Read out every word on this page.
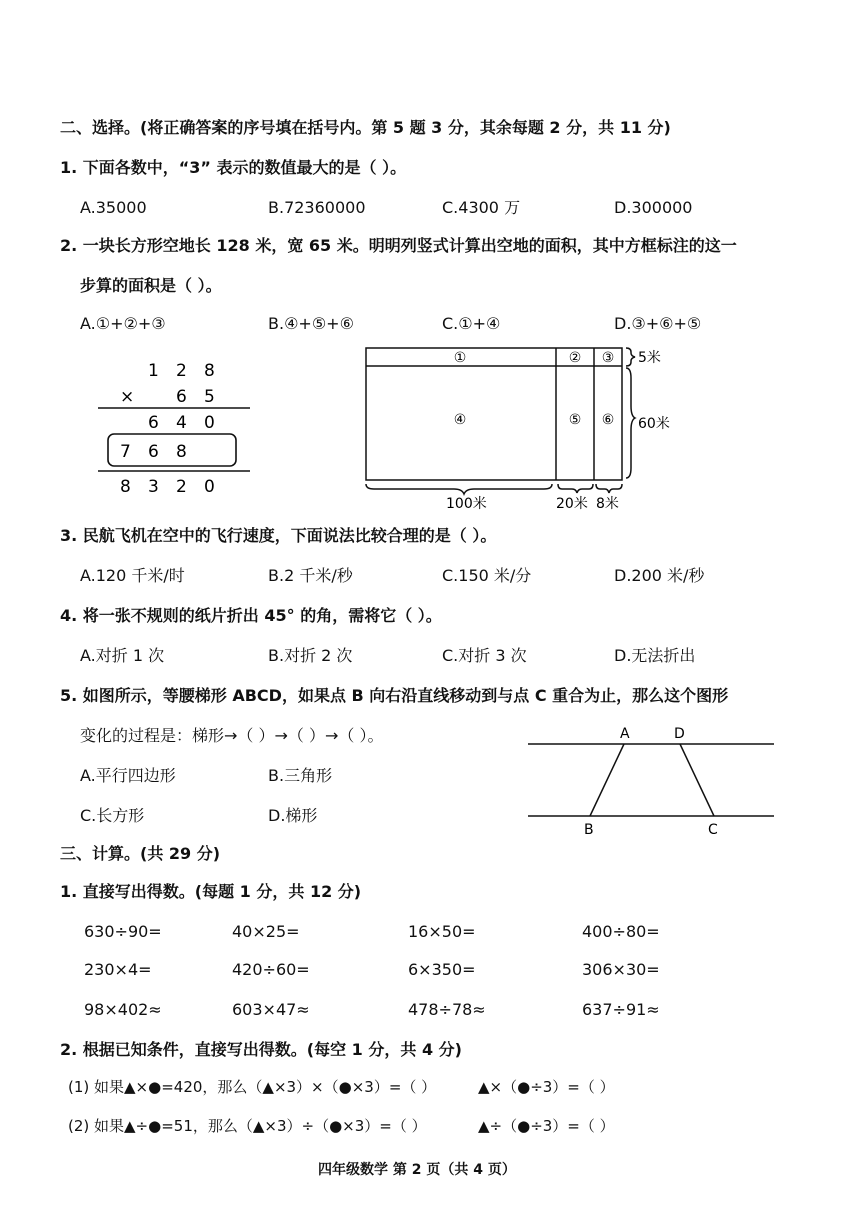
二、选择。(将正确答案的序号填在括号内。第 5 题 3 分，其余每题 2 分，共 11 分)
1. 下面各数中，“3” 表示的数值最大的是（ ）。
A.35000	B.72360000	C.4300 万	D.300000
2. 一块长方形空地长 128 米，宽 65 米。明明列竖式计算出空地的面积，其中方框标注的这一
步算的面积是（ ）。
A.①+②+③	B.④+⑤+⑥	C.①+④	D.③+⑥+⑤
1 2 8
× 6 5
6 4 0
7 6 8
8 3 2 0
①	② ③
④	⑤ ⑥
5米
60米
100米	20米 8米
3. 民航飞机在空中的飞行速度，下面说法比较合理的是（ ）。
A.120 千米/时	B.2 千米/秒	C.150 米/分	D.200 米/秒
4. 将一张不规则的纸片折出 45° 的角，需将它（ ）。
A.对折 1 次	B.对折 2 次	C.对折 3 次	D.无法折出
5. 如图所示，等腰梯形 ABCD，如果点 B 向右沿直线移动到与点 C 重合为止，那么这个图形
变化的过程是：梯形→（ ）→（ ）→（ ）。
A.平行四边形	B.三角形
C.长方形	D.梯形
A	D
B	C
三、计算。(共 29 分)
1. 直接写出得数。(每题 1 分，共 12 分)
630÷90=	40×25=	16×50=	400÷80=
230×4=	420÷60=	6×350=	306×30=
98×402≈	603×47≈	478÷78≈	637÷91≈
2. 根据已知条件，直接写出得数。(每空 1 分，共 4 分)
(1) 如果▲×●=420，那么（▲×3）×（●×3）=（ ）	▲×（●÷3）=（ ）
(2) 如果▲÷●=51，那么（▲×3）÷（●×3）=（ ）	▲÷（●÷3）=（ ）
四年级数学 第 2 页（共 4 页）
